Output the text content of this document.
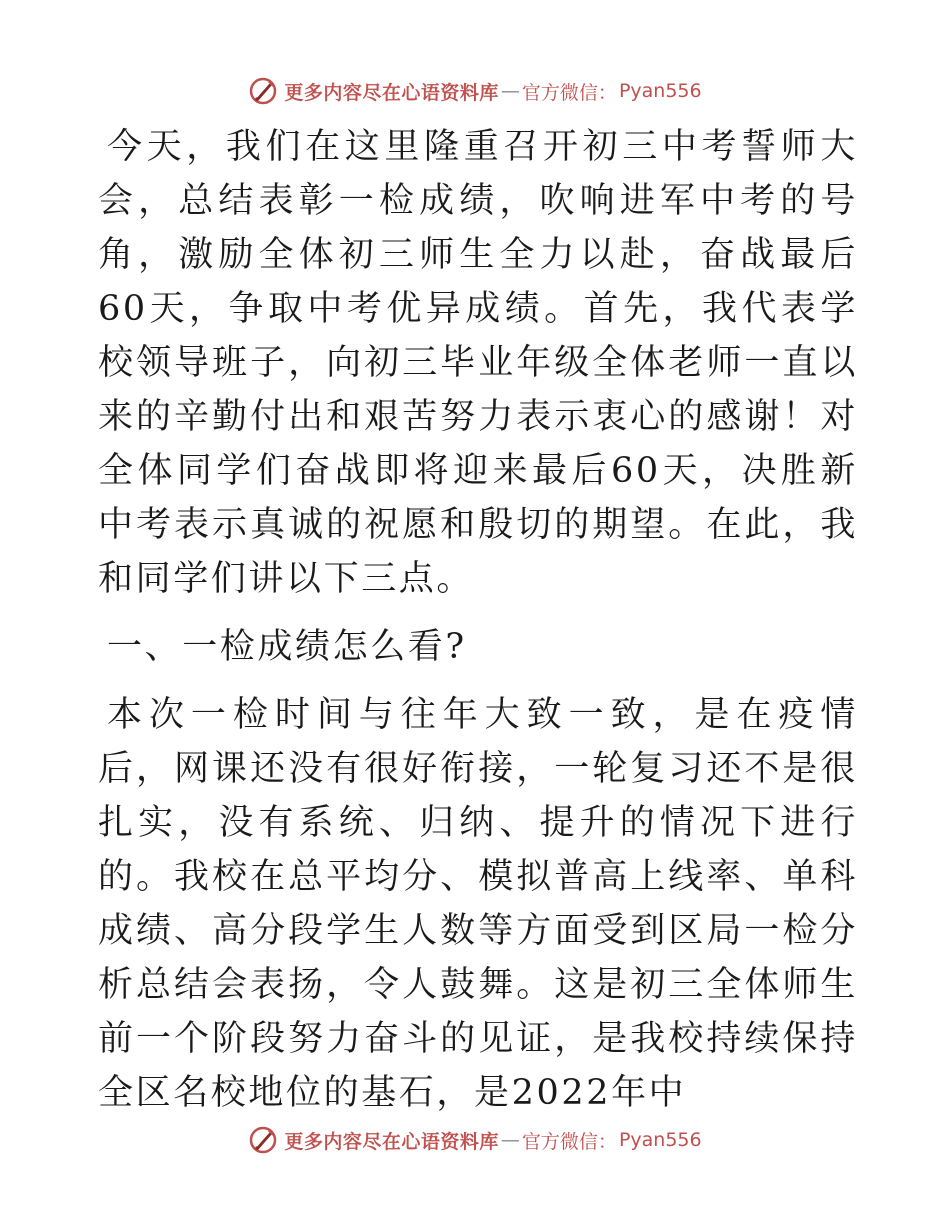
更多内容尽在心语资料库 — 官方微信： Pyan556

今天，我们在这里隆重召开初三中考誓师大会，总结表彰一检成绩，吹响进军中考的号角，激励全体初三师生全力以赴，奋战最后60天，争取中考优异成绩。首先，我代表学校领导班子，向初三毕业年级全体老师一直以来的辛勤付出和艰苦努力表示衷心的感谢！对全体同学们奋战即将迎来最后60天，决胜新中考表示真诚的祝愿和殷切的期望。在此，我和同学们讲以下三点。

一、一检成绩怎么看?

本次一检时间与往年大致一致，是在疫情后，网课还没有很好衔接，一轮复习还不是很扎实，没有系统、归纳、提升的情况下进行的。我校在总平均分、模拟普高上线率、单科成绩、高分段学生人数等方面受到区局一检分析总结会表扬，令人鼓舞。这是初三全体师生前一个阶段努力奋斗的见证，是我校持续保持全区名校地位的基石，是2022年中

更多内容尽在心语资料库 — 官方微信： Pyan556
